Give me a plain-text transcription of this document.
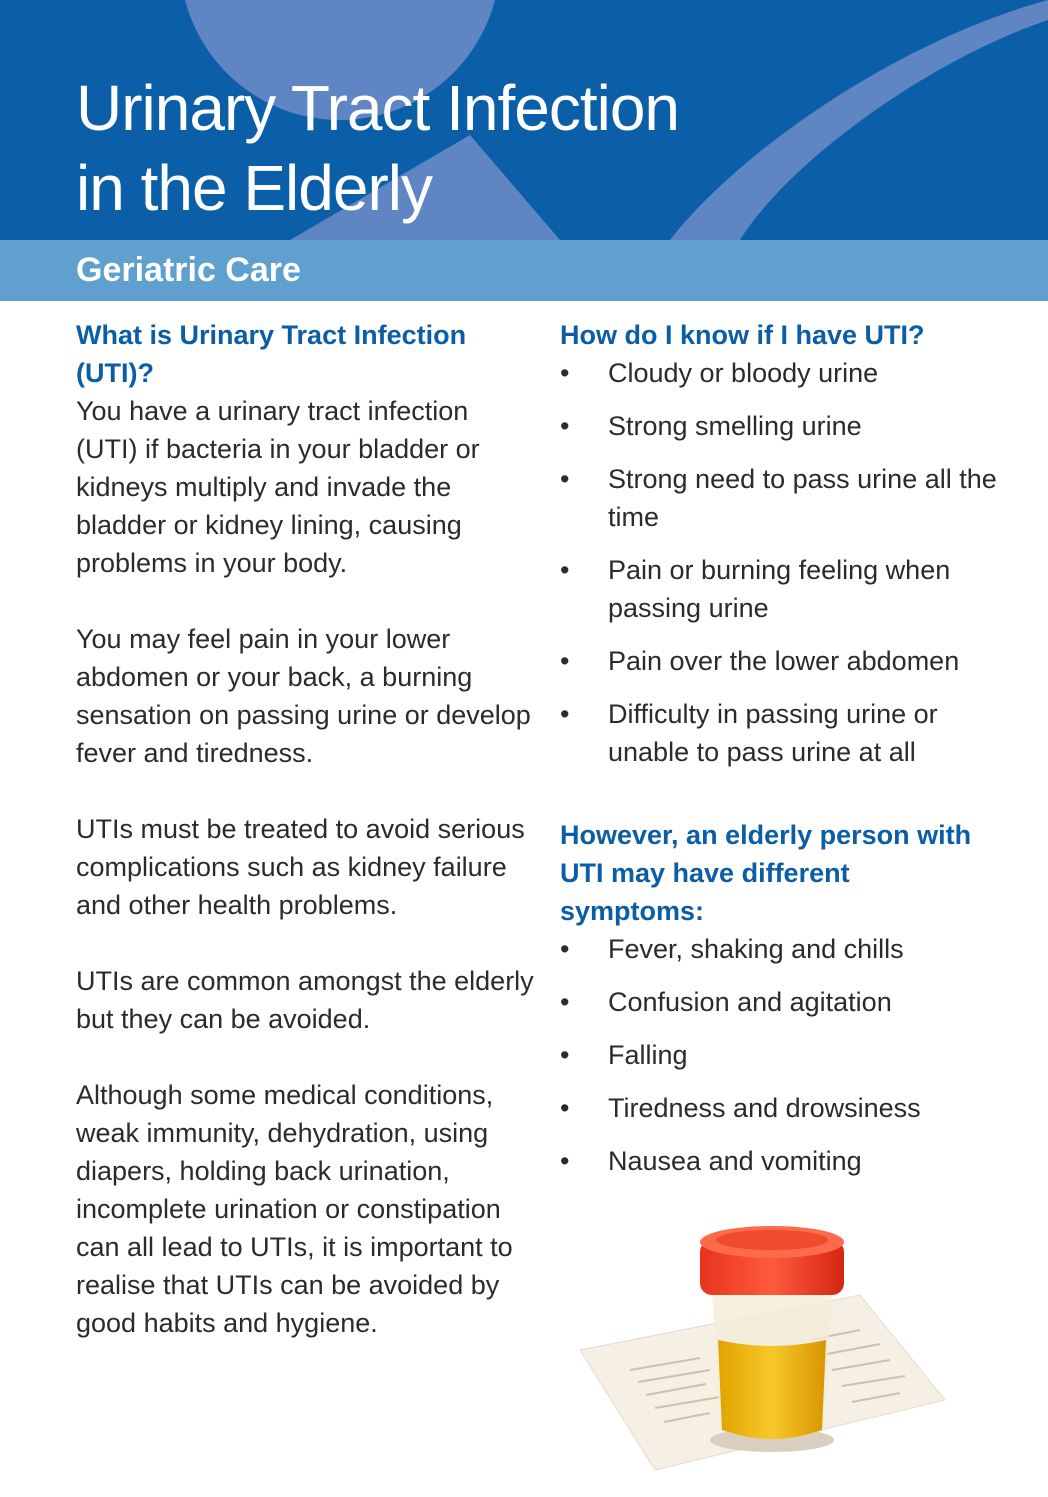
Urinary Tract Infection
in the Elderly
Geriatric Care
What is Urinary Tract Infection (UTI)?

You have a urinary tract infection (UTI) if bacteria in your bladder or kidneys multiply and invade the bladder or kidney lining, causing problems in your body.

You may feel pain in your lower abdomen or your back, a burning sensation on passing urine or develop fever and tiredness.

UTIs must be treated to avoid serious complications such as kidney failure and other health problems.

UTIs are common amongst the elderly but they can be avoided.

Although some medical conditions, weak immunity, dehydration, using diapers, holding back urination, incomplete urination or constipation can all lead to UTIs, it is important to realise that UTIs can be avoided by good habits and hygiene.

How do I know if I have UTI?
•	Cloudy or bloody urine
•	Strong smelling urine
•	Strong need to pass urine all the time
•	Pain or burning feeling when passing urine
•	Pain over the lower abdomen
•	Difficulty in passing urine or unable to pass urine at all
However, an elderly person with UTI may have different symptoms:
•	Fever, shaking and chills
•	Confusion and agitation
•	Falling
•	Tiredness and drowsiness
•	Nausea and vomiting
